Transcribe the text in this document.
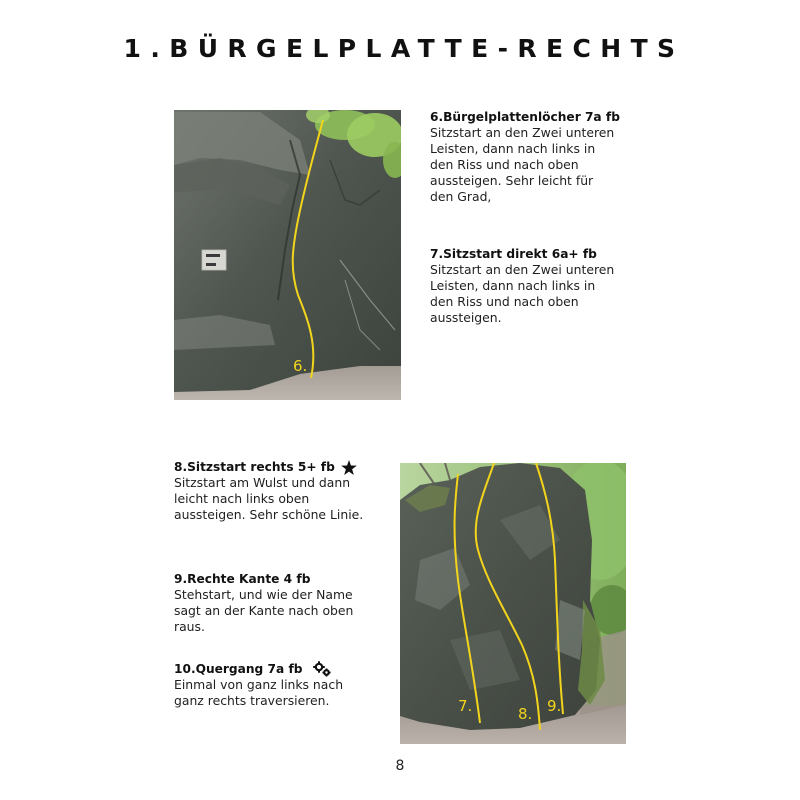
1.BÜRGELPLATTE-RECHTS
6.
6.Bürgelplattenlöcher 7a fb

Sitzstart an den Zwei unteren

Leisten, dann nach links in

den Riss und nach oben

aussteigen. Sehr leicht für

den Grad,

7.Sitzstart direkt 6a+ fb

Sitzstart an den Zwei unteren

Leisten, dann nach links in

den Riss und nach oben

aussteigen.

8.Sitzstart rechts 5+ fb

Sitzstart am Wulst und dann

leicht nach links oben

aussteigen. Sehr schöne Linie.

9.Rechte Kante 4 fb

Stehstart, und wie der Name

sagt an der Kante nach oben

raus.

10.Quergang 7a fb

Einmal von ganz links nach

ganz rechts traversieren.	7.	8. 9.
8
